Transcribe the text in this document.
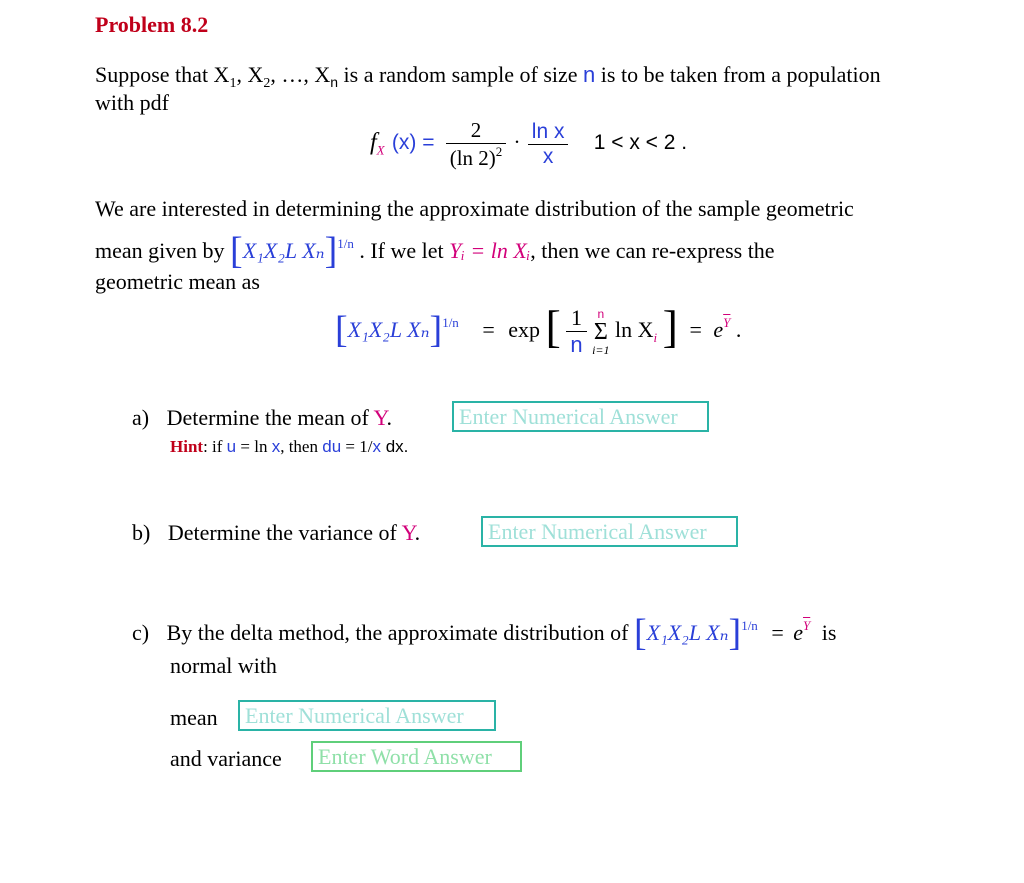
Problem 8.2
Suppose that $X_1$, $X_2$, …, $X_n$ is a random sample of size n is to be taken from a population
with pdf
$f_X$ $(x) = \frac{2}{(\ln 2)^2} \cdot \frac{\text{ln x}}{x} 1 < x < 2$ .
We are interested in determining the approximate distribution of the sample geometric
mean given by [X₁X₂L Xₙ]$^{1/n}$ . If we let Yᵢ = ln Xᵢ, then we can re-express the
geometric mean as
[X₁X₂L Xₙ]$^{1/n}$ = exp [ $\frac{1}{n}$
n
Σ
i=1
$\ln X_i$ ] = $e^{\overline{Y}}$ .
a) Determine the mean of Y.	Enter Numerical Answer
Hint: if u = ln x, then du = 1/x dx.
b) Determine the variance of Y.	Enter Numerical Answer
c) By the delta method, the approximate distribution of [X₁X₂L $X_n]^{1/n} = e^{\overline{Y}}$ is
normal with
mean	Enter Numerical Answer
and variance	Enter Word Answer
